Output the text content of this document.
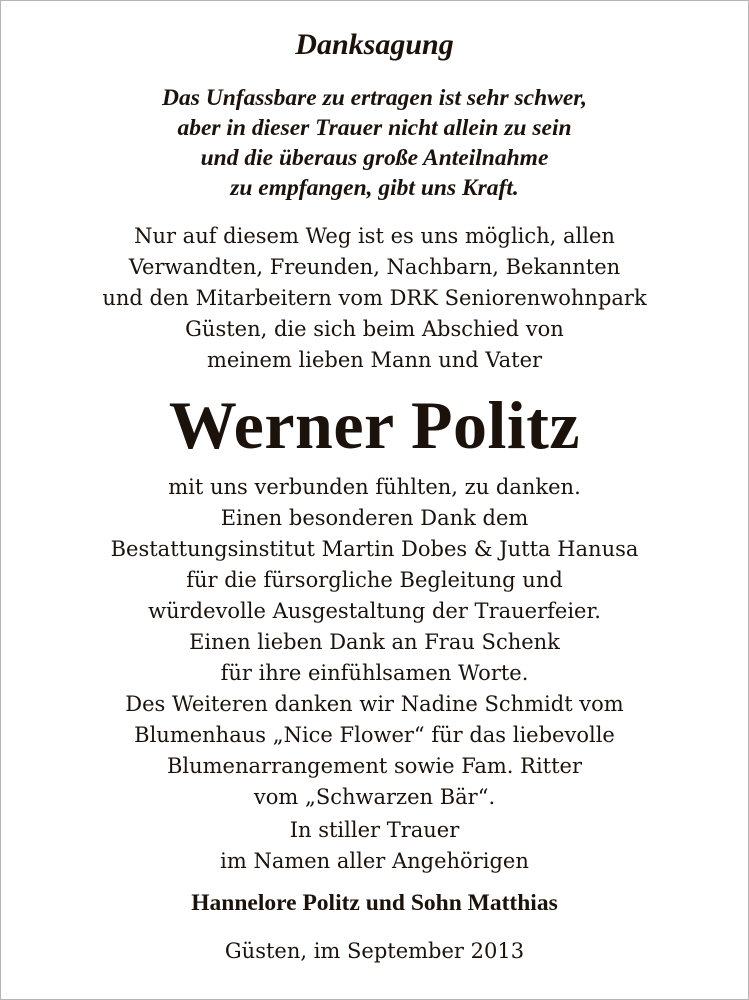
Danksagung
Das Unfassbare zu ertragen ist sehr schwer,
aber in dieser Trauer nicht allein zu sein
und die überaus große Anteilnahme
zu empfangen, gibt uns Kraft.
Nur auf diesem Weg ist es uns möglich, allen
Verwandten, Freunden, Nachbarn, Bekannten
und den Mitarbeitern vom DRK Seniorenwohnpark
Güsten, die sich beim Abschied von
meinem lieben Mann und Vater
Werner Politz
mit uns verbunden fühlten, zu danken.
Einen besonderen Dank dem
Bestattungsinstitut Martin Dobes & Jutta Hanusa
für die fürsorgliche Begleitung und
würdevolle Ausgestaltung der Trauerfeier.
Einen lieben Dank an Frau Schenk
für ihre einfühlsamen Worte.
Des Weiteren danken wir Nadine Schmidt vom
Blumenhaus „Nice Flower“ für das liebevolle
Blumenarrangement sowie Fam. Ritter
vom „Schwarzen Bär“.
In stiller Trauer
im Namen aller Angehörigen
Hannelore Politz und Sohn Matthias
Güsten, im September 2013
